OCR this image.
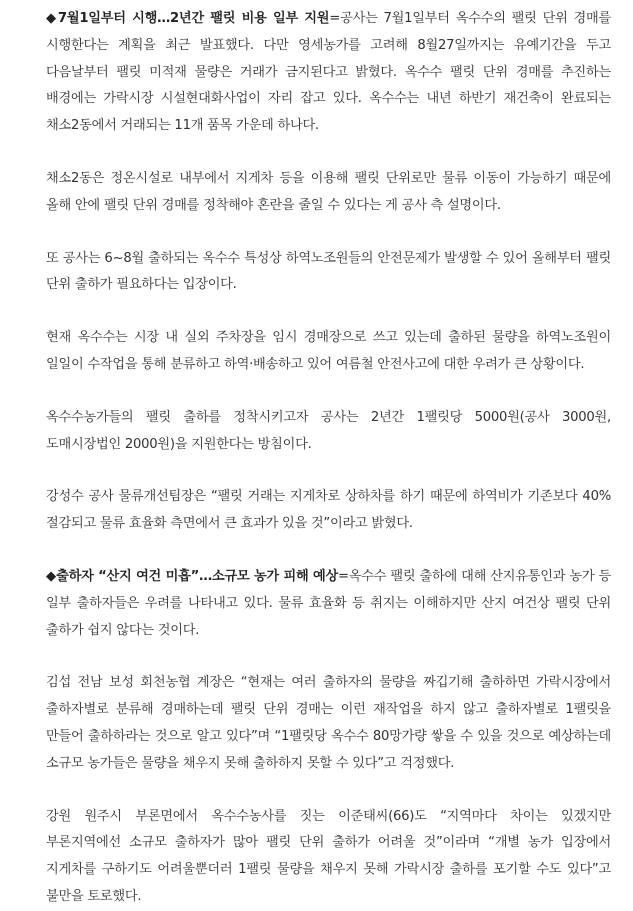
◆7월1일부터 시행…2년간 팰릿 비용 일부 지원=공사는 7월1일부터 옥수수의 팰릿 단위 경매를 시행한다는 계획을 최근 발표했다. 다만 영세농가를 고려해 8월27일까지는 유예기간을 두고 다음날부터 팰릿 미적재 물량은 거래가 금지된다고 밝혔다. 옥수수 팰릿 단위 경매를 추진하는 배경에는 가락시장 시설현대화사업이 자리 잡고 있다. 옥수수는 내년 하반기 재건축이 완료되는 채소2동에서 거래되는 11개 품목 가운데 하나다.

채소2동은 정온시설로 내부에서 지게차 등을 이용해 팰릿 단위로만 물류 이동이 가능하기 때문에 올해 안에 팰릿 단위 경매를 정착해야 혼란을 줄일 수 있다는 게 공사 측 설명이다.

또 공사는 6~8월 출하되는 옥수수 특성상 하역노조원들의 안전문제가 발생할 수 있어 올해부터 팰릿 단위 출하가 필요하다는 입장이다.

현재 옥수수는 시장 내 실외 주차장을 임시 경매장으로 쓰고 있는데 출하된 물량을 하역노조원이 일일이 수작업을 통해 분류하고 하역·배송하고 있어 여름철 안전사고에 대한 우려가 큰 상황이다.

옥수수농가들의 팰릿 출하를 정착시키고자 공사는 2년간 1팰릿당 5000원(공사 3000원, 도매시장법인 2000원)을 지원한다는 방침이다.

강성수 공사 물류개선팀장은 “팰릿 거래는 지게차로 상하차를 하기 때문에 하역비가 기존보다 40% 절감되고 물류 효율화 측면에서 큰 효과가 있을 것”이라고 밝혔다.

◆출하자 “산지 여건 미흡”…소규모 농가 피해 예상=옥수수 팰릿 출하에 대해 산지유통인과 농가 등 일부 출하자들은 우려를 나타내고 있다. 물류 효율화 등 취지는 이해하지만 산지 여건상 팰릿 단위 출하가 쉽지 않다는 것이다.

김섭 전남 보성 회천농협 계장은 “현재는 여러 출하자의 물량을 짜깁기해 출하하면 가락시장에서 출하자별로 분류해 경매하는데 팰릿 단위 경매는 이런 재작업을 하지 않고 출하자별로 1팰릿을 만들어 출하하라는 것으로 알고 있다”며 “1팰릿당 옥수수 80망가량 쌓을 수 있을 것으로 예상하는데 소규모 농가들은 물량을 채우지 못해 출하하지 못할 수 있다”고 걱정했다.

강원 원주시 부론면에서 옥수수농사를 짓는 이준태씨(66)도 “지역마다 차이는 있겠지만 부론지역에선 소규모 출하자가 많아 팰릿 단위 출하가 어려울 것”이라며 “개별 농가 입장에서 지게차를 구하기도 어려울뿐더러 1팰릿 물량을 채우지 못해 가락시장 출하를 포기할 수도 있다”고 불만을 토로했다.
